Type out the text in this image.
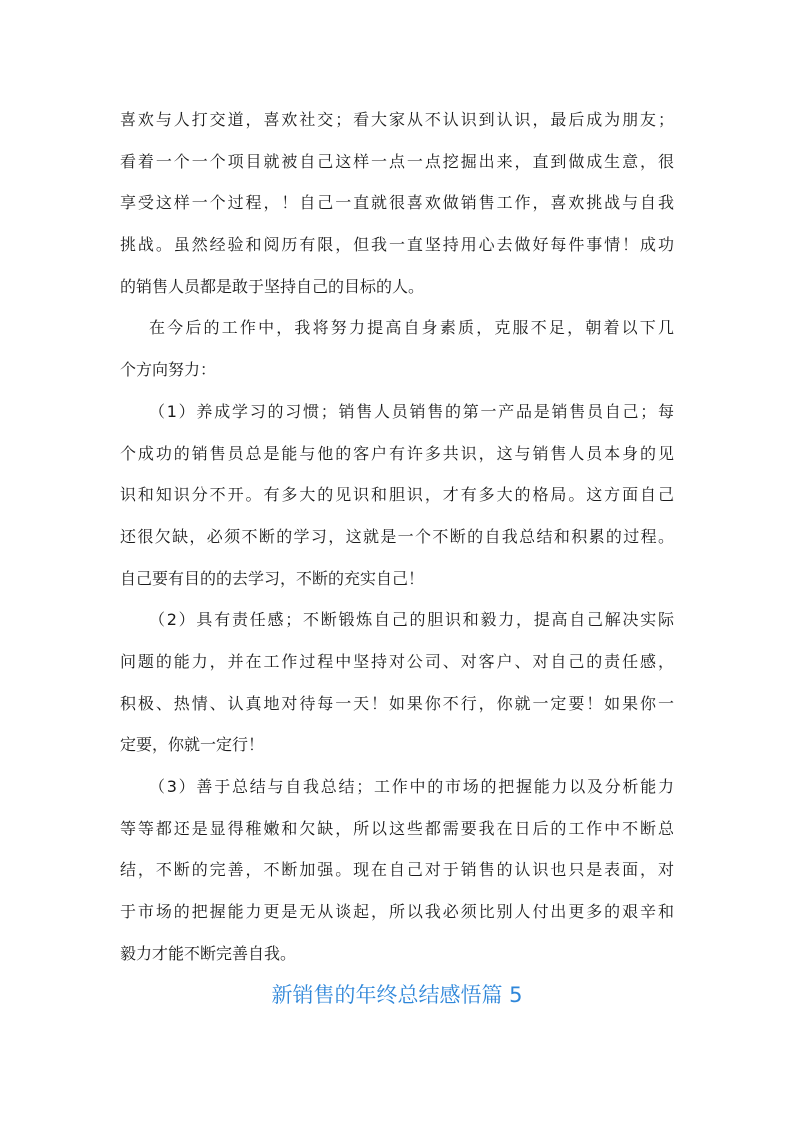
喜欢与人打交道，喜欢社交；看大家从不认识到认识，最后成为朋友；
看着一个一个项目就被自己这样一点一点挖掘出来，直到做成生意，很
享受这样一个过程，！自己一直就很喜欢做销售工作，喜欢挑战与自我
挑战。虽然经验和阅历有限，但我一直坚持用心去做好每件事情！成功
的销售人员都是敢于坚持自己的目标的人。
在今后的工作中，我将努力提高自身素质，克服不足，朝着以下几
个方向努力：
（1）养成学习的习惯；销售人员销售的第一产品是销售员自己；每
个成功的销售员总是能与他的客户有许多共识，这与销售人员本身的见
识和知识分不开。有多大的见识和胆识，才有多大的格局。这方面自己
还很欠缺，必须不断的学习，这就是一个不断的自我总结和积累的过程。
自己要有目的的去学习，不断的充实自己！
（2）具有责任感；不断锻炼自己的胆识和毅力，提高自己解决实际
问题的能力，并在工作过程中坚持对公司、对客户、对自己的责任感，
积极、热情、认真地对待每一天！如果你不行，你就一定要！如果你一
定要，你就一定行！
（3）善于总结与自我总结；工作中的市场的把握能力以及分析能力
等等都还是显得稚嫩和欠缺，所以这些都需要我在日后的工作中不断总
结，不断的完善，不断加强。现在自己对于销售的认识也只是表面，对
于市场的把握能力更是无从谈起，所以我必须比别人付出更多的艰辛和
毅力才能不断完善自我。
新销售的年终总结感悟篇 5
